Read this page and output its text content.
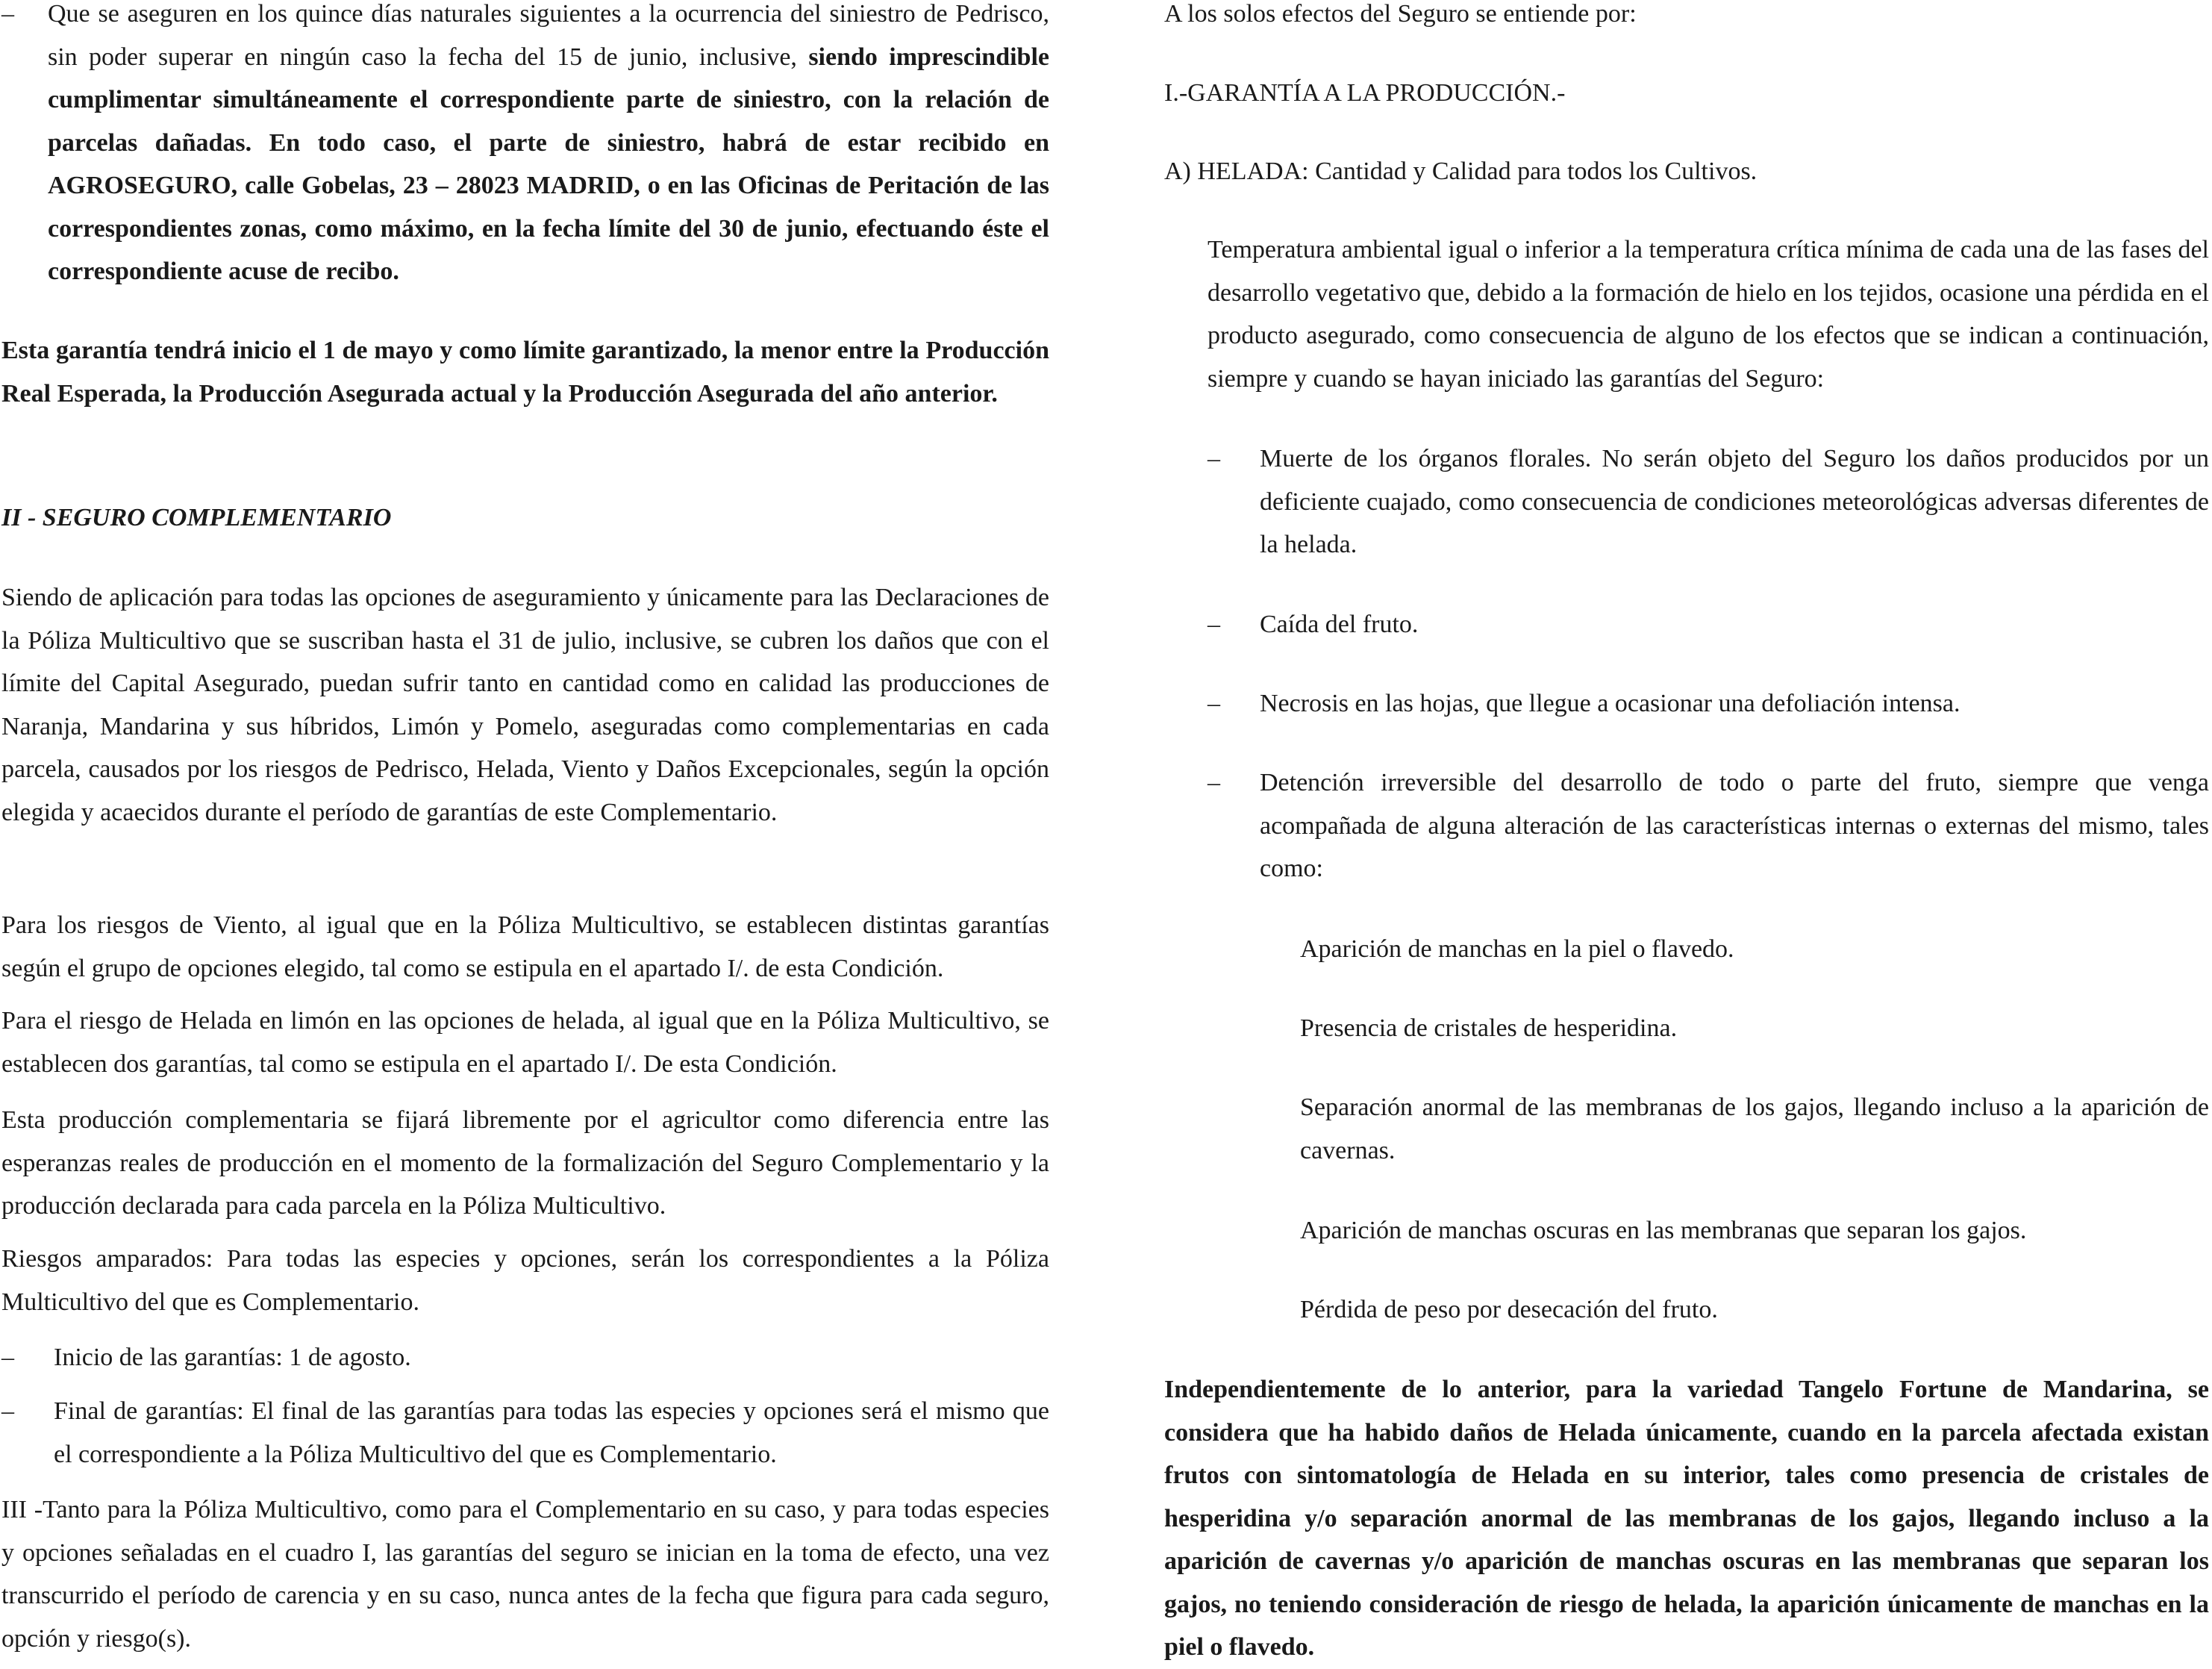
– Que se aseguren en los quince días naturales siguientes a la ocurrencia del siniestro de Pedrisco, sin poder superar en ningún caso la fecha del 15 de junio, inclusive, siendo imprescindible cumplimentar simultáneamente el correspondiente parte de siniestro, con la relación de parcelas dañadas. En todo caso, el parte de siniestro, habrá de estar recibido en AGROSEGURO, calle Gobelas, 23 – 28023 MADRID, o en las Oficinas de Peritación de las correspondientes zonas, como máximo, en la fecha límite del 30 de junio, efectuando éste el correspondiente acuse de recibo.

Esta garantía tendrá inicio el 1 de mayo y como límite garantizado, la menor entre la Producción Real Esperada, la Producción Asegurada actual y la Producción Asegurada del año anterior.

II - SEGURO COMPLEMENTARIO

Siendo de aplicación para todas las opciones de aseguramiento y únicamente para las Declaraciones de la Póliza Multicultivo que se suscriban hasta el 31 de julio, inclusive, se cubren los daños que con el límite del Capital Asegurado, puedan sufrir tanto en cantidad como en calidad las producciones de Naranja, Mandarina y sus híbridos, Limón y Pomelo, aseguradas como complementarias en cada parcela, causados por los riesgos de Pedrisco, Helada, Viento y Daños Excepcionales, según la opción elegida y acaecidos durante el período de garantías de este Complementario.

Para los riesgos de Viento, al igual que en la Póliza Multicultivo, se establecen distintas garantías según el grupo de opciones elegido, tal como se estipula en el apartado I/. de esta Condición.

Para el riesgo de Helada en limón en las opciones de helada, al igual que en la Póliza Multicultivo, se establecen dos garantías, tal como se estipula en el apartado I/. De esta Condición.

Esta producción complementaria se fijará libremente por el agricultor como diferencia entre las esperanzas reales de producción en el momento de la formalización del Seguro Complementario y la producción declarada para cada parcela en la Póliza Multicultivo.

Riesgos amparados: Para todas las especies y opciones, serán los correspondientes a la Póliza Multicultivo del que es Complementario.

– Inicio de las garantías: 1 de agosto.

– Final de garantías: El final de las garantías para todas las especies y opciones será el mismo que el correspondiente a la Póliza Multicultivo del que es Complementario.

III -Tanto para la Póliza Multicultivo, como para el Complementario en su caso, y para todas especies y opciones señaladas en el cuadro I, las garantías del seguro se inician en la toma de efecto, una vez transcurrido el período de carencia y en su caso, nunca antes de la fecha que figura para cada seguro, opción y riesgo(s).

A los solos efectos del Seguro se entiende por:

I.-GARANTÍA A LA PRODUCCIÓN.-

A) HELADA: Cantidad y Calidad para todos los Cultivos.

Temperatura ambiental igual o inferior a la temperatura crítica mínima de cada una de las fases del desarrollo vegetativo que, debido a la formación de hielo en los tejidos, ocasione una pérdida en el producto asegurado, como consecuencia de alguno de los efectos que se indican a continuación, siempre y cuando se hayan iniciado las garantías del Seguro:

– Muerte de los órganos florales. No serán objeto del Seguro los daños producidos por un deficiente cuajado, como consecuencia de condiciones meteorológicas adversas diferentes de la helada.

– Caída del fruto.

– Necrosis en las hojas, que llegue a ocasionar una defoliación intensa.

– Detención irreversible del desarrollo de todo o parte del fruto, siempre que venga acompañada de alguna alteración de las características internas o externas del mismo, tales como:

Aparición de manchas en la piel o flavedo.

Presencia de cristales de hesperidina.

Separación anormal de las membranas de los gajos, llegando incluso a la aparición de cavernas.

Aparición de manchas oscuras en las membranas que separan los gajos.

Pérdida de peso por desecación del fruto.

Independientemente de lo anterior, para la variedad Tangelo Fortune de Mandarina, se considera que ha habido daños de Helada únicamente, cuando en la parcela afectada existan frutos con sintomatología de Helada en su interior, tales como presencia de cristales de hesperidina y/o separación anormal de las membranas de los gajos, llegando incluso a la aparición de cavernas y/o aparición de manchas oscuras en las membranas que separan los gajos, no teniendo consideración de riesgo de helada, la aparición únicamente de manchas en la piel o flavedo.
